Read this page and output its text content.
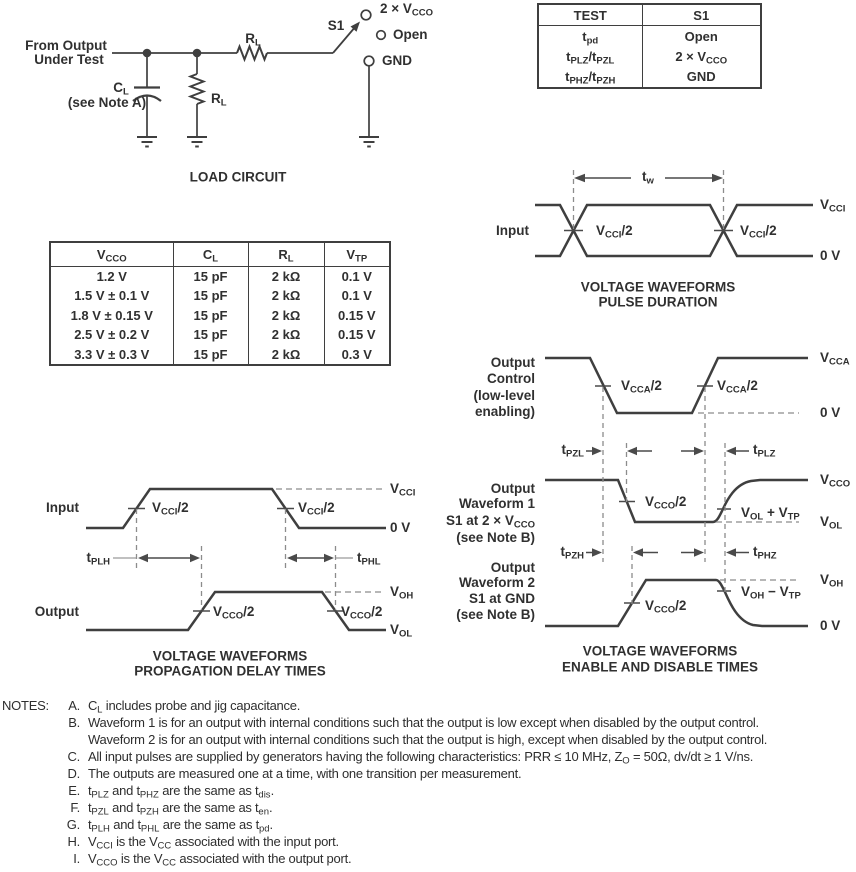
From Output
Under Test
$C_L$
(see Note A)	$R_L$
$R_L$
S1
$2 \times V_{CCO}$
Open
GND
LOAD CIRCUIT
TEST	S1
$t_{pd}$	Open
$t_{PLZ}/t_{PZL}$	$2 \times V_{CCO}$
$t_{PHZ}/t_{PZH}$	GND
$V_{CCO}$	$C_L$	$R_L$	$V_{TP}$
1.2 V	15 pF	2 kΩ	0.1 V
1.5 V ± 0.1 V	15 pF	2 kΩ	0.1 V
1.8 V ± 0.15 V	15 pF	2 kΩ	0.15 V
2.5 V ± 0.2 V	15 pF	2 kΩ	0.15 V
3.3 V ± 0.3 V	15 pF	2 kΩ	0.3 V
Input	$V_{CCI}/2$	$V_{CCI}/2$
$t_w$
$V_{CCI}$
0 V
VOLTAGE WAVEFORMS
PULSE DURATION
Input
Output
$V_{CCI}/2$	$V_{CCI}/2$
$V_{CCO}/2$	$V_{CCO}/2$
$t_{PLH}$	$t_{PHL}$
$V_{CCI}$
0 V
$V_{OH}$
$V_{OL}$
VOLTAGE WAVEFORMS
PROPAGATION DELAY TIMES
Output
Control
(low-level
enabling)
Output
Waveform 1
S1 at $2 \times V_{CCO}$
(see Note B)
Output
Waveform 2
S1 at GND
(see Note B)
$V_{CCA}/2$	$V_{CCA}/2$
$t_{PZL}$	$t_{PLZ}$
$V_{CCO}/2$
$V_{OL} + V_{TP}$
$t_{PZH}$	$t_{PHZ}$
$V_{CCO}/2$
$V_{OH} - V_{TP}$
$V_{CCA}$
0 V
$V_{CCO}$
$V_{OL}$
$V_{OH}$
0 V
VOLTAGE WAVEFORMS
ENABLE AND DISABLE TIMES
NOTES:	A. $C_L$ includes probe and jig capacitance.
B. Waveform 1 is for an output with internal conditions such that the output is low except when disabled by the output control.
Waveform 2 is for an output with internal conditions such that the output is high, except when disabled by the output control.
C. All input pulses are supplied by generators having the following characteristics: PRR ≤ 10 MHz, $Z_O = 50\Omega$, dv/dt ≥ 1 V/ns.
D. The outputs are measured one at a time, with one transition per measurement.
E. $t_{PLZ}$ and $t_{PHZ}$ are the same as $t_{dis}$.
F. $t_{PZL}$ and $t_{PZH}$ are the same as $t_{en}$.
G. $t_{PLH}$ and $t_{PHL}$ are the same as $t_{pd}$.
H. $V_{CCI}$ is the $V_{CC}$ associated with the input port.
I. $V_{CCO}$ is the $V_{CC}$ associated with the output port.
